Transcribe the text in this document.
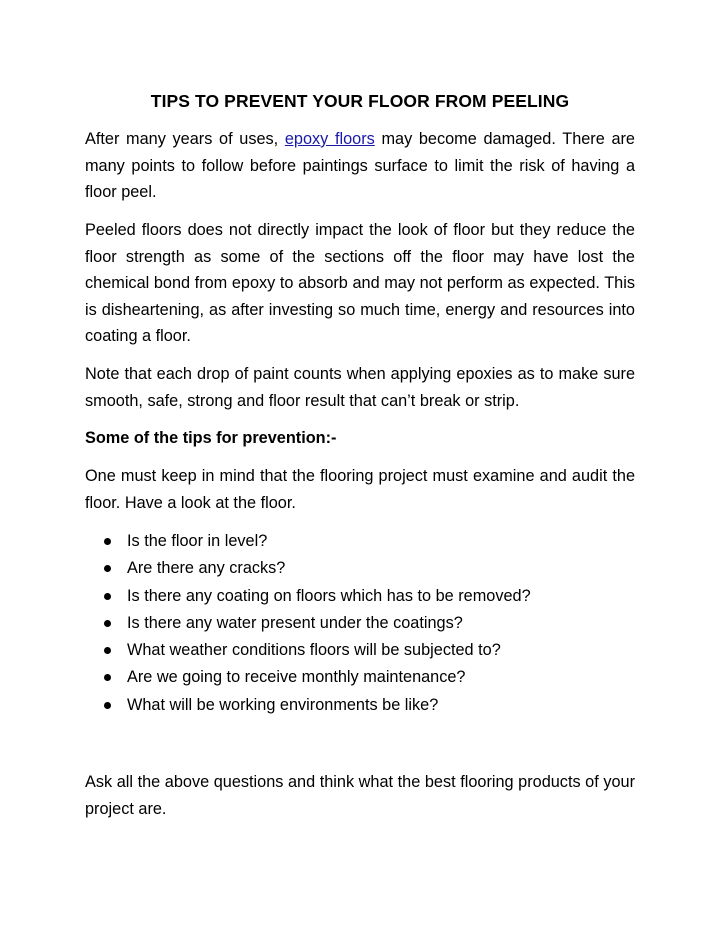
TIPS TO PREVENT YOUR FLOOR FROM PEELING

After many years of uses, epoxy floors may become damaged. There are many points to follow before paintings surface to limit the risk of having a floor peel.

Peeled floors does not directly impact the look of floor but they reduce the floor strength as some of the sections off the floor may have lost the chemical bond from epoxy to absorb and may not perform as expected. This is disheartening, as after investing so much time, energy and resources into coating a floor.

Note that each drop of paint counts when applying epoxies as to make sure smooth, safe, strong and floor result that can’t break or strip.

Some of the tips for prevention:-

One must keep in mind that the flooring project must examine and audit the floor. Have a look at the floor.

Is the floor in level?
Are there any cracks?
Is there any coating on floors which has to be removed?
Is there any water present under the coatings?
What weather conditions floors will be subjected to?
Are we going to receive monthly maintenance?
What will be working environments be like?

Ask all the above questions and think what the best flooring products of your project are.
